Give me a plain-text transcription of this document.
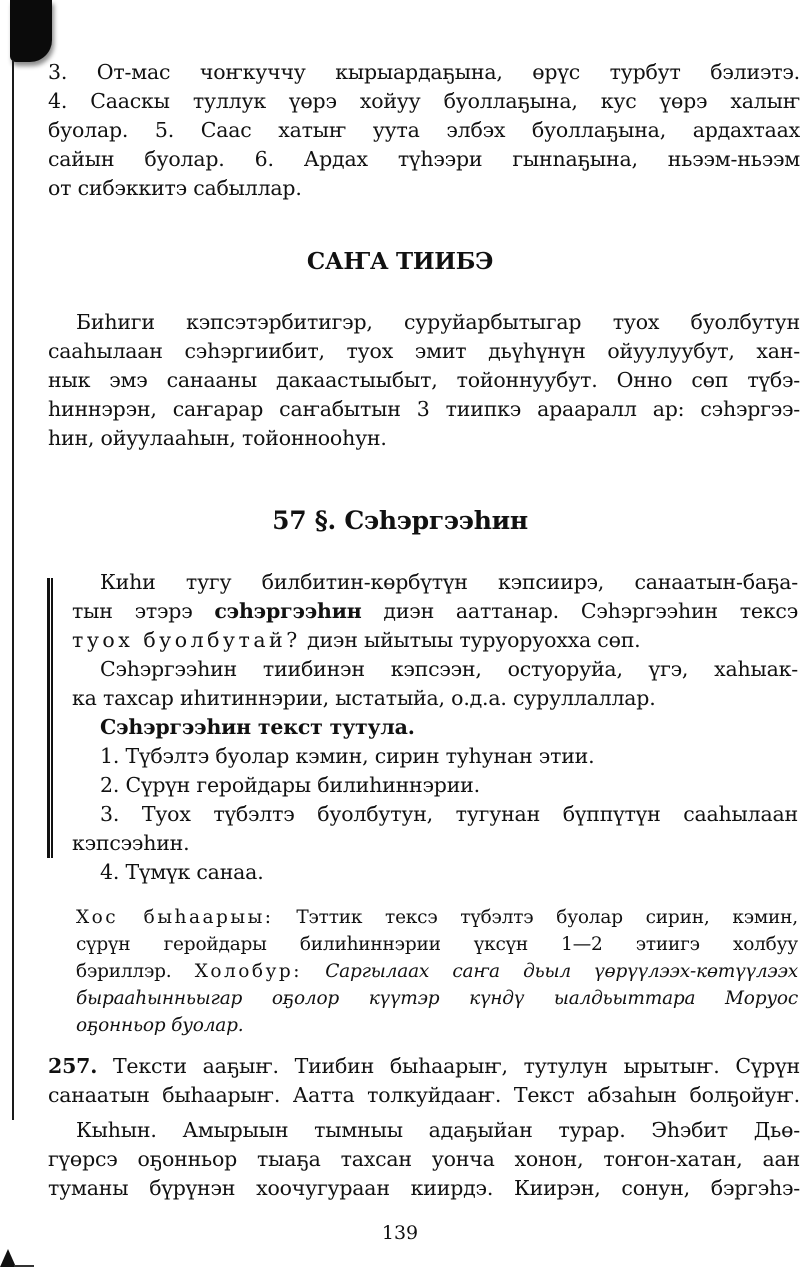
3. От-мас чоҥкуччу кырыардаҕына, өрүс турбут бэлиэтэ.
4. Сааскы туллук үөрэ хойуу буоллаҕына, кус үөрэ халыҥ
буолар. 5. Саас хатыҥ уута элбэх буоллаҕына, ардахтаах
сайын буолар. 6. Ардах түһээри гынnaҕына, ньээм-ньээм
от сибэккитэ сабыллар.
САҤА ТИИБЭ
Биһиги кэпсэтэрбитигэр, суруйарбытыгар туох буолбутун
сааһылаан сэһэргиибит, туох эмит дьүһүнүн ойуулуубут, хан-
нык эмэ санааны дакаастыыбыт, тойоннуубут. Онно сөп түбэ-
һиннэрэн, саҥарар саҥабытын 3 тиипкэ арааралл ар: сэһэргээ-
һин, ойуулааһын, тойонноoһун.
57 §. Сэһэргээһин
Киһи тугу билбитин-көрбүтүн кэпсиирэ, санаатын-баҕа-
тын этэрэ сэһэргээһин диэн ааттанар. Сэһэргээһин тексэ
туох буолбутай? диэн ыйытыы туруоруохха сөп.
Сэһэргээһин тиибинэн кэпсээн, остуоруйа, үгэ, хаһыак-
ка тахсар иһитиннэрии, ыстатыйа, о.д.а. суруллаллар.
Сэһэргээһин текст тутула.
1. Түбэлтэ буолар кэмин, сирин туһунан этии.
2. Сүрүн геройдары билиһиннэрии.
3. Туох түбэлтэ буолбутун, тугунан бүппүтүн сааһылаан
кэпсээһин.
4. Түмүк санаа.
Хос быһаарыы: Тэттик тексэ түбэлтэ буолар сирин, кэмин,
сүрүн геройдары билиһиннэрии үксүн 1—2 этиигэ холбуу
бэриллэр. Холобур: Саргылаах саҥа дьыл үөрүүлээх-көтүүлээх
бырааһынньыгар оҕолор күүтэр күндү ыалдьыттара Моруос
оҕонньор буолар.
257. Тексти aaҕыҥ. Тиибин быһаарыҥ, тутулун ырытыҥ. Сүрүн
санаатын быһаарыҥ. Аатта толкуйдааҥ. Текст абзаһын болҕойуҥ.
Кыһын. Амырыын тымныы адаҕыйан турар. Эһэбит Дьө-
гүөрсэ оҕонньор тыаҕа тахсан уонча хонон, тоҥон-хатан, аан
туманы бүрүнэн хоочугураан киирдэ. Киирэн, сонун, бэргэһэ-
139
